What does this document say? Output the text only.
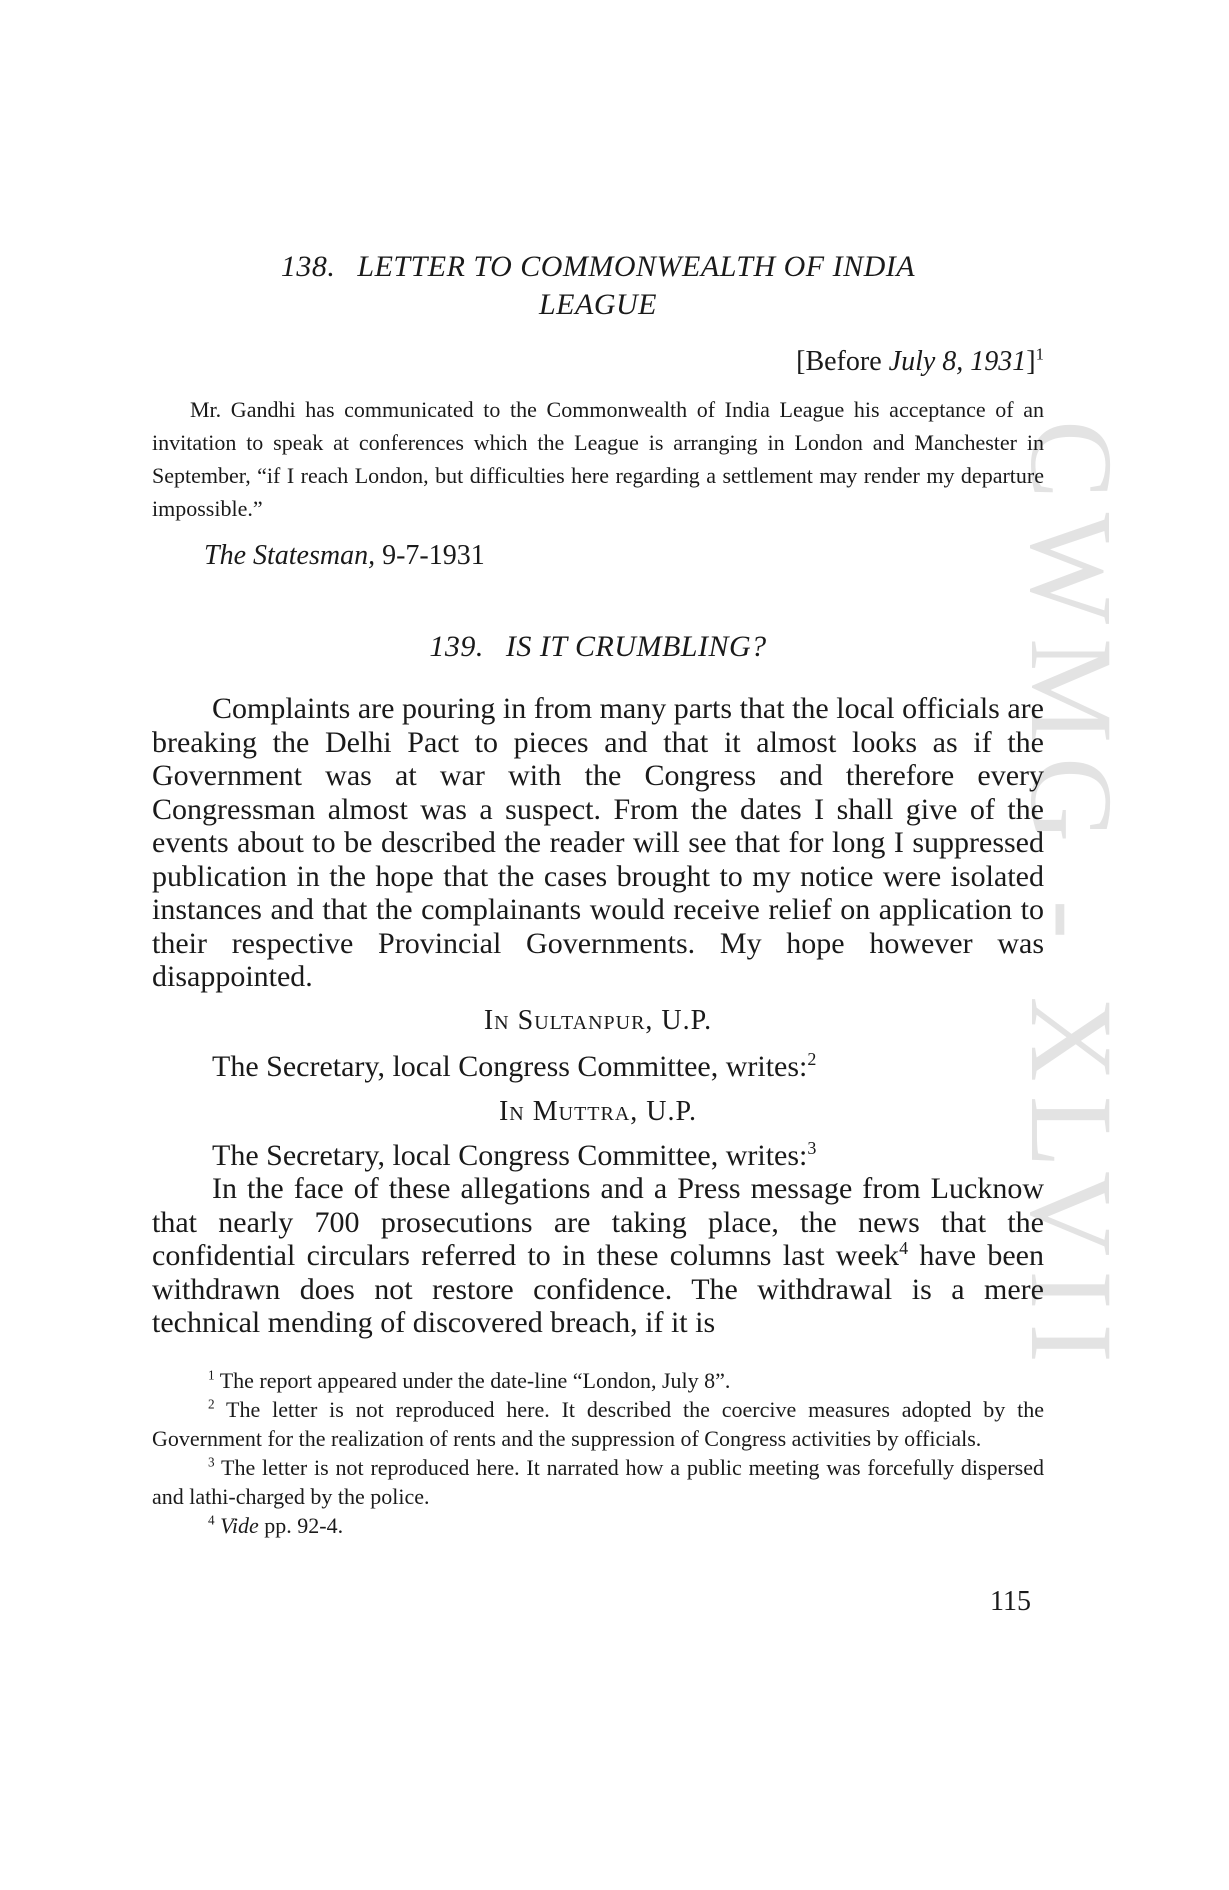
CWMG - XLVII

138. LETTER TO COMMONWEALTH OF INDIA

LEAGUE

[Before July 8, 1931]$^1$

Mr. Gandhi has communicated to the Commonwealth of India League his acceptance of an invitation to speak at conferences which the League is arranging in London and Manchester in September, “if I reach London, but difficulties here regarding a settlement may render my departure impossible.”

The Statesman, 9-7-1931

139. IS IT CRUMBLING?

Complaints are pouring in from many parts that the local officials are breaking the Delhi Pact to pieces and that it almost looks as if the Government was at war with the Congress and therefore every Congressman almost was a suspect. From the dates I shall give of the events about to be described the reader will see that for long I suppressed publication in the hope that the cases brought to my notice were isolated instances and that the complainants would receive relief on application to their respective Provincial Governments. My hope however was disappointed.

In Sultanpur, U.P.

The Secretary, local Congress Committee, writes:$^2$

In Muttra, U.P.

The Secretary, local Congress Committee, writes:$^3$

In the face of these allegations and a Press message from Lucknow that nearly 700 prosecutions are taking place, the news that the confidential circulars referred to in these columns last week$^4$ have been withdrawn does not restore confidence. The withdrawal is a mere technical mending of discovered breach, if it is

$^1$ The report appeared under the date-line “London, July 8”.

$^2$ The letter is not reproduced here. It described the coercive measures adopted by the Government for the realization of rents and the suppression of Congress activities by officials.

$^3$ The letter is not reproduced here. It narrated how a public meeting was forcefully dispersed and lathi-charged by the police.

$^4$ Vide pp. 92-4.

115
